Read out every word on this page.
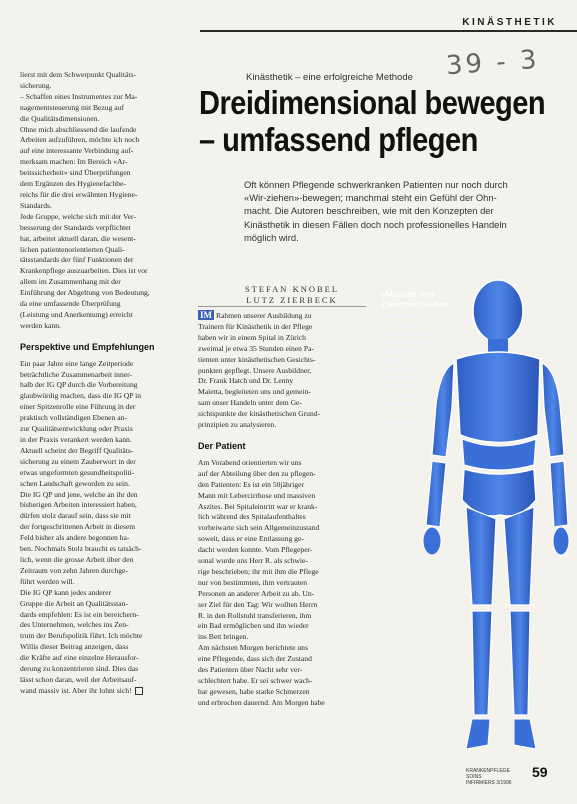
KINÄSTHETIK
39 - 3
Kinästhetik – eine erfolgreiche Methode
Dreidimensional bewegen
– umfassend pflegen
Oft können Pflegende schwerkranken Patienten nur noch durch
«Wir-ziehen»-bewegen; manchmal steht ein Gefühl der Ohn-
macht. Die Autoren beschreiben, wie mit den Konzepten der
Kinästhetik in diesen Fällen doch noch professionelles Handeln
möglich wird.
STEFAN KNOBEL
LUTZ ZIERBECK
lierst mit dem Schwerpunkt Qualitäts-
sicherung.
– Schaffen eines Instrumentes zur Ma-
nagementsteuerung mit Bezug auf
die Qualitätsdimensionen.
Ohne mich abschliessend die laufende
Arbeiten aufzuführen, möchte ich noch
auf eine interessante Verbindung auf-
merksam machen: Im Bereich «Ar-
beitssicherheit» sind Überprüfungen
dem Ergänzen des Hygienefachbe-
reichs für die drei erwähnten Hygiene-
Standards.
Jede Gruppe, welche sich mit der Ver-
besserung der Standards verpflichtet
hat, arbeitet aktuell daran, die wesent-
lichen patientenorientierten Quali-
tätsstandards der fünf Funktionen der
Krankenpflege auszuarbeiten. Dies ist vor
allem im Zusammenhang mit der
Einführung der Abgeltung von Bedeutung,
da eine umfassende Überprüfung
(Leistung und Anerkennung) erreicht
werden kann.
Perspektive und Empfehlungen
Ein paar Jahre eine lange Zeitperiode
beträchtliche Zusammenarbeit inner-
halb der IG QP durch die Vorbereitung
glaubwürdig machen, dass die IG QP in
einer Spitzenrolle eine Führung in der
praktisch vollständigen Ebenen an-
zur Qualitätsentwicklung oder Praxis
in der Praxis verankert werden kann.
Aktuell scheint der Begriff Qualitäts-
sicherung zu einem Zauberwort in der
etwas ungeformten gesundheitspoliti-
schen Landschaft geworden zu sein.
Die IG QP und jene, welche an ihr den
bisherigen Arbeiten interessiert haben,
dürfen stolz darauf sein, dass sie mit
der fortgeschrittenen Arbeit in diesem
Feld bisher als andere begonnen ha-
ben. Nochmals Stolz braucht es tatsäch-
lich, wenn die grosse Arbeit über den
Zeitraum von zehn Jahren durchge-
führt werden will.
Die IG QP kann jedes anderer
Gruppe die Arbeit an Qualitätsstan-
dards empfehlen: Es ist ein bereichern-
des Unternehmen, welches ins Zen-
trum der Berufspolitik führt. Ich möchte
Willis dieser Beitrag anzeigen, dass
die Kräfte auf eine einzelne Herausfor-
derung zu konzentrieren sind. Dies das
lässt schon daran, weil der Arbeitsauf-
wand massiv ist. Aber ihr lohnt sich!
IM Rahmen unserer Ausbildung zu
Trainern für Kinästhetik in der Pflege
haben wir in einem Spital in Zürich
zweimal je etwa 35 Stunden einen Pa-
tienten unter kinästhetischen Gesichts-
punkten gepflegt. Unsere Ausbildner,
Dr. Frank Hatch und Dr. Lenny
Maietta, begleiteten uns und gemein-
sam unser Handeln unter dem Ge-
sichtspunkte der kinästhetischen Grund-
prinzipien zu analysieren.
Der Patient
Am Vorabend orientierten wir uns
auf der Abteilung über den zu pflegen-
den Patienten: Es ist ein 50jähriger
Mann mit Lebercirrhose und massiven
Aszites. Bei Spitaleintritt war er krank-
lich während des Spitalaufenthaltes
vorbeiwarte sich sein Allgemeinzustand
soweit, dass er eine Entlassung ge-
dacht werden konnte. Vom Pflegeper-
sonal wurde uns Herr R. als schwie-
rige beschrieben; ihr mit ihm die Pflege
nur von bestimmten, ihm vertrauten
Personen an anderer Arbeit zu ab. Un-
ser Ziel für den Tag: Wir wollten Herrn
R. in den Rollstuhl transferieren, ihm
ein Bad ermöglichen und ihn wieder
ins Bett bringen.
Am nächsten Morgen berichtete uns
eine Pflegende, dass sich der Zustand
des Patienten über Nacht sehr ver-
schlechtert habe. Er sei schwer wach-
bar gewesen, habe starke Schmerzen
und erbrochen dauernd. Am Morgen habe
«Massen und
Zwischenräume»
Der menschliche
Körper dargestellt mit
dem Konzept «Massen
und Zwischenräume».
Die Massen Kopf,
Brustkorb, Becken,
Arme und Beine
können einzeln
bewegt werden;
die Zwischen-
räume ermög-
lichen diese
Bewegungen.
KRANKENPFLEGE SOINS
INFIRMIERS 3/1996
59
